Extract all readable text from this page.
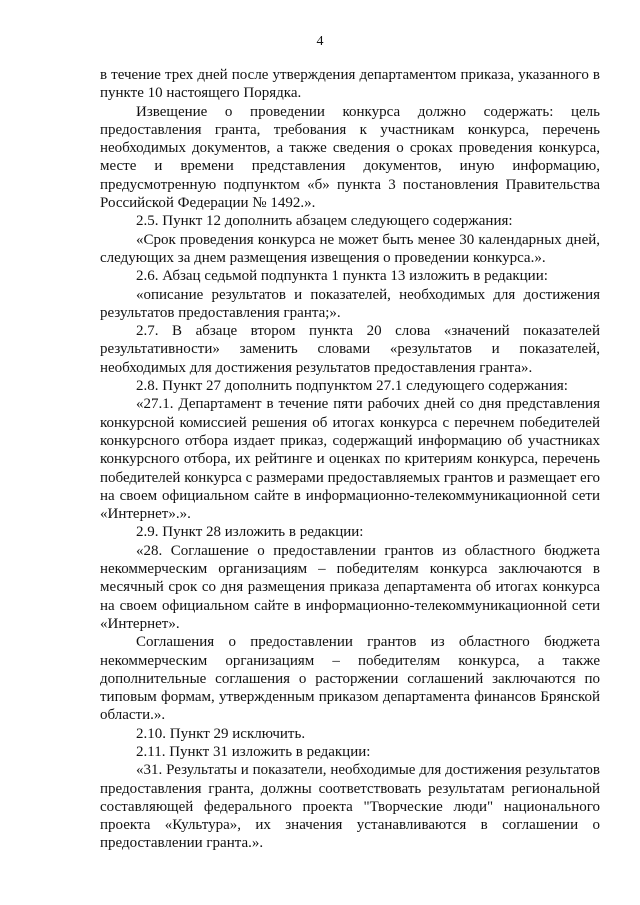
4

в течение трех дней после утверждения департаментом приказа, указанного в пункте 10 настоящего Порядка.

Извещение о проведении конкурса должно содержать: цель предоставления гранта, требования к участникам конкурса, перечень необходимых документов, а также сведения о сроках проведения конкурса, месте и времени представления документов, иную информацию, предусмотренную подпунктом «б» пункта 3 постановления Правительства Российской Федерации № 1492.».

2.5. Пункт 12 дополнить абзацем следующего содержания:

«Срок проведения конкурса не может быть менее 30 календарных дней, следующих за днем размещения извещения о проведении конкурса.».

2.6. Абзац седьмой подпункта 1 пункта 13 изложить в редакции:

«описание результатов и показателей, необходимых для достижения результатов предоставления гранта;».

2.7. В абзаце втором пункта 20 слова «значений показателей результативности» заменить словами «результатов и показателей, необходимых для достижения результатов предоставления гранта».

2.8. Пункт 27 дополнить подпунктом 27.1 следующего содержания:

«27.1. Департамент в течение пяти рабочих дней со дня представления конкурсной комиссией решения об итогах конкурса с перечнем победителей конкурсного отбора издает приказ, содержащий информацию об участниках конкурсного отбора, их рейтинге и оценках по критериям конкурса, перечень победителей конкурса с размерами предоставляемых грантов и размещает его на своем официальном сайте в информационно-телекоммуникационной сети «Интернет».».

2.9. Пункт 28 изложить в редакции:

«28. Соглашение о предоставлении грантов из областного бюджета некоммерческим организациям – победителям конкурса заключаются в месячный срок со дня размещения приказа департамента об итогах конкурса на своем официальном сайте в информационно-телекоммуникационной сети «Интернет».

Соглашения о предоставлении грантов из областного бюджета некоммерческим организациям – победителям конкурса, а также дополнительные соглашения о расторжении соглашений заключаются по типовым формам, утвержденным приказом департамента финансов Брянской области.».

2.10. Пункт 29 исключить.

2.11. Пункт 31 изложить в редакции:

«31. Результаты и показатели, необходимые для достижения результатов предоставления гранта, должны соответствовать результатам региональной составляющей федерального проекта "Творческие люди" национального проекта «Культура», их значения устанавливаются в соглашении о предоставлении гранта.».
